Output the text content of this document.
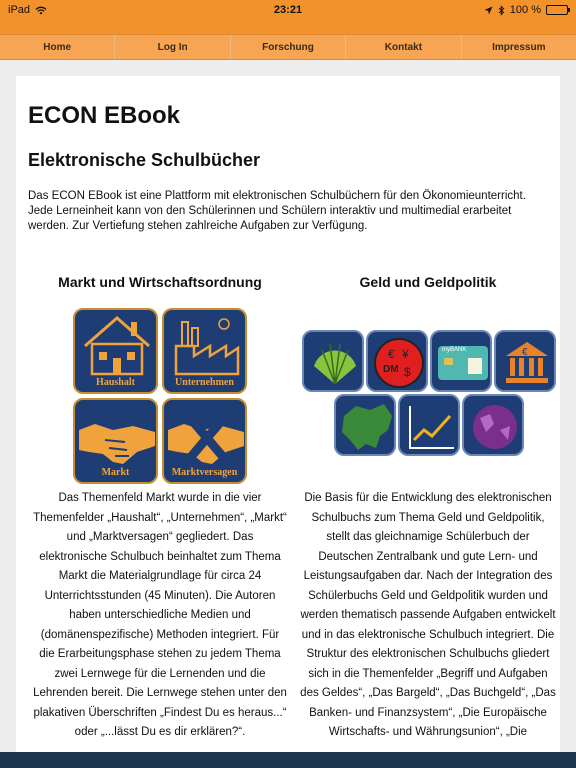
iPad	23:21	100 %
Home	Log In	Forschung	Kontakt	Impressum
ECON EBook
Elektronische Schulbücher

Das ECON EBook ist eine Plattform mit elektronischen Schulbüchern für den Ökonomieunterricht. Jede Lerneinheit kann von den Schülerinnen und Schülern interaktiv und multimedial erarbeitet werden. Zur Vertiefung stehen zahlreiche Aufgaben zur Verfügung.

Markt und Wirtschaftsordnung
Haushalt	Unternehmen
Markt	Marktversagen

Das Themenfeld Markt wurde in die vier Themenfelder „Haushalt“, „Unternehmen“, „Markt“ und „Marktversagen“ gegliedert. Das elektronische Schulbuch beinhaltet zum Thema Markt die Materialgrundlage für circa 24 Unterrichtsstunden (45 Minuten). Die Autoren haben unterschiedliche Medien und (domänenspezifische) Methoden integriert. Für die Erarbeitungsphase stehen zu jedem Thema zwei Lernwege für die Lernenden und die Lehrenden bereit. Die Lernwege stehen unter den plakativen Überschriften „Findest Du es heraus...“ oder „...lässt Du es dir erklären?“.

Geld und Geldpolitik
€ ¥
$
DM
myBANK	€

Die Basis für die Entwicklung des elektronischen Schulbuchs zum Thema Geld und Geldpolitik, stellt das gleichnamige Schülerbuch der Deutschen Zentralbank und gute Lern- und Leistungsaufgaben dar. Nach der Integration des Schülerbuchs Geld und Geldpolitik wurden und werden thematisch passende Aufgaben entwickelt und in das elektronische Schulbuch integriert. Die Struktur des elektronischen Schulbuchs gliedert sich in die Themenfelder „Begriff und Aufgaben des Geldes“, „Das Bargeld“, „Das Buchgeld“, „Das Banken- und Finanzsystem“, „Die Europäische Wirtschafts- und Währungsunion“, „Die
